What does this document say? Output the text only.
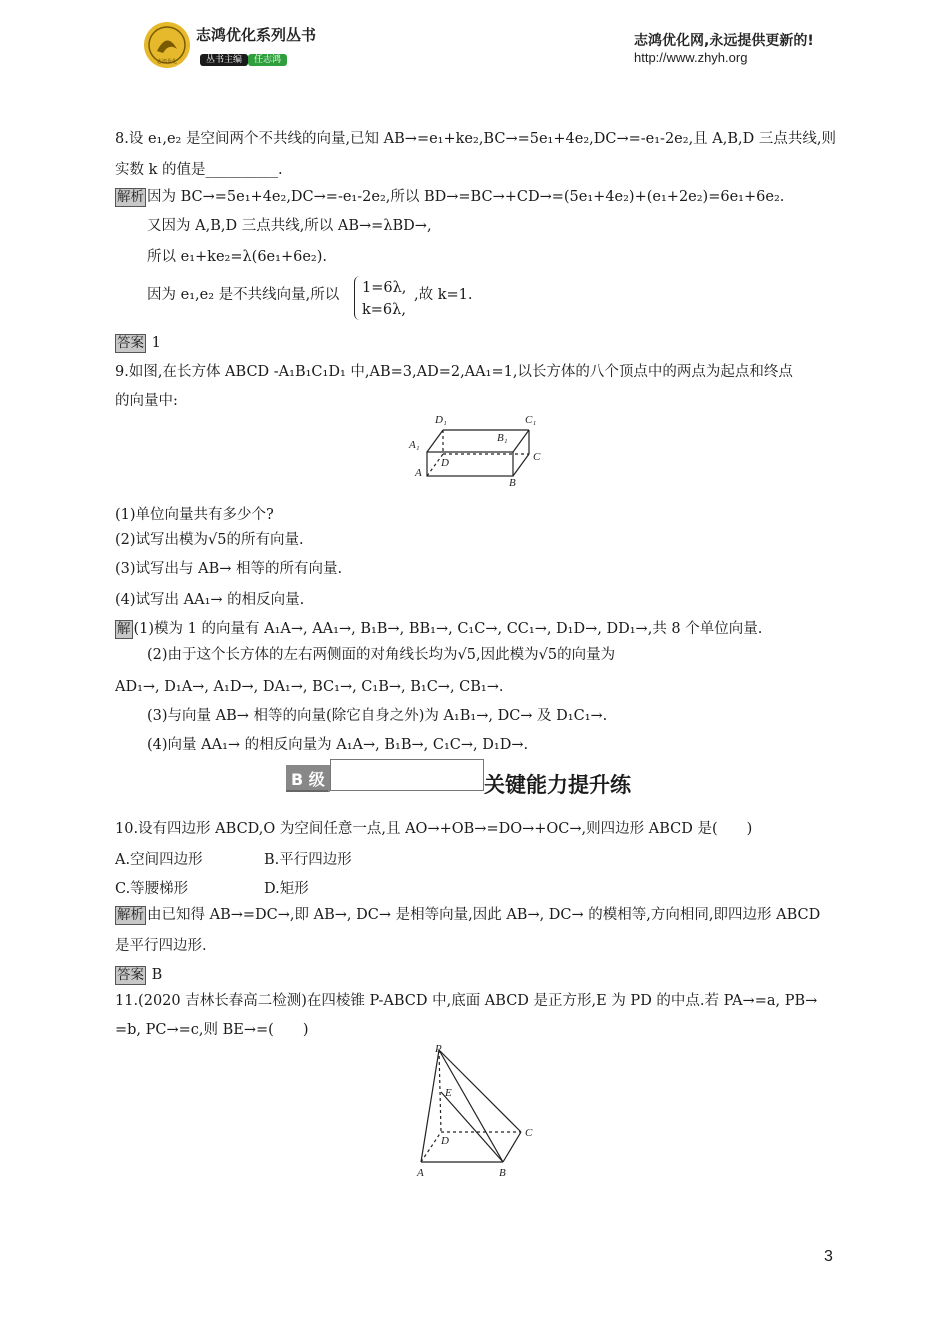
志鸿优化
志鸿优化系列丛书
丛书主编 任志鸿
志鸿优化网,永远提供更新的!
http://www.zhyh.org
8.设 e₁,e₂ 是空间两个不共线的向量,已知 AB→=e₁+ke₂,BC→=5e₁+4e₂,DC→=-e₁-2e₂,且 A,B,D 三点共线,则
实数 k 的值是__________.
解析 因为 BC→=5e₁+4e₂,DC→=-e₁-2e₂,所以 BD→=BC→+CD→=(5e₁+4e₂)+(e₁+2e₂)=6e₁+6e₂.
又因为 A,B,D 三点共线,所以 AB→=λBD→,
所以 e₁+ke₂=λ(6e₁+6e₂).
因为 e₁,e₂ 是不共线向量,所以 1=6λ,
k=6λ,
,故 k=1.
答案 1
9.如图,在长方体 ABCD -A₁B₁C₁D₁ 中,AB=3,AD=2,AA₁=1,以长方体的八个顶点中的两点为起点和终点
的向量中:
D₁	C₁
A₁
B₁
D	C
A
B
(1)单位向量共有多少个?
(2)试写出模为√5的所有向量.
(3)试写出与 AB→ 相等的所有向量.
(4)试写出 AA₁→ 的相反向量.
解 (1)模为 1 的向量有 A₁A→, AA₁→, B₁B→, BB₁→, C₁C→, CC₁→, D₁D→, DD₁→,共 8 个单位向量.
(2)由于这个长方体的左右两侧面的对角线长均为√5,因此模为√5的向量为
AD₁→, D₁A→, A₁D→, DA₁→, BC₁→, C₁B→, B₁C→, CB₁→.
(3)与向量 AB→ 相等的向量(除它自身之外)为 A₁B₁→, DC→ 及 D₁C₁→.
(4)向量 AA₁→ 的相反向量为 A₁A→, B₁B→, C₁C→, D₁D→.
B 级	关键能力提升练
10.设有四边形 ABCD,O 为空间任意一点,且 AO→+OB→=DO→+OC→,则四边形 ABCD 是(　　)
A.空间四边形	B.平行四边形
C.等腰梯形	D.矩形
解析 由已知得 AB→=DC→,即 AB→, DC→ 是相等向量,因此 AB→, DC→ 的模相等,方向相同,即四边形 ABCD
是平行四边形.
答案 B
11.(2020 吉林长春高二检测)在四棱锥 P-ABCD 中,底面 ABCD 是正方形,E 为 PD 的中点.若 PA→=a, PB→
=b, PC→=c,则 BE→=(　　)
P
E
D
C
A	B
3
